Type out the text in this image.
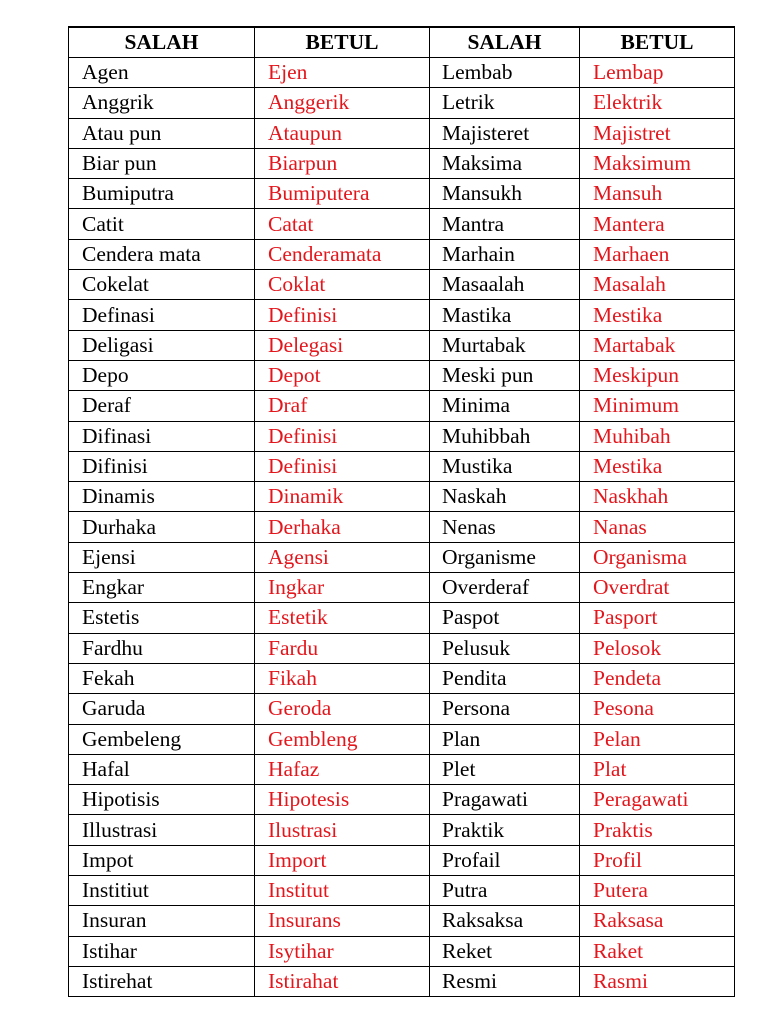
SALAH	BETUL	SALAH	BETUL
Agen	Ejen	Lembab	Lembap
Anggrik	Anggerik	Letrik	Elektrik
Atau pun	Ataupun	Majisteret	Majistret
Biar pun	Biarpun	Maksima	Maksimum
Bumiputra	Bumiputera	Mansukh	Mansuh
Catit	Catat	Mantra	Mantera
Cendera mata	Cenderamata	Marhain	Marhaen
Cokelat	Coklat	Masaalah	Masalah
Definasi	Definisi	Mastika	Mestika
Deligasi	Delegasi	Murtabak	Martabak
Depo	Depot	Meski pun	Meskipun
Deraf	Draf	Minima	Minimum
Difinasi	Definisi	Muhibbah	Muhibah
Difinisi	Definisi	Mustika	Mestika
Dinamis	Dinamik	Naskah	Naskhah
Durhaka	Derhaka	Nenas	Nanas
Ejensi	Agensi	Organisme	Organisma
Engkar	Ingkar	Overderaf	Overdrat
Estetis	Estetik	Paspot	Pasport
Fardhu	Fardu	Pelusuk	Pelosok
Fekah	Fikah	Pendita	Pendeta
Garuda	Geroda	Persona	Pesona
Gembeleng	Gembleng	Plan	Pelan
Hafal	Hafaz	Plet	Plat
Hipotisis	Hipotesis	Pragawati	Peragawati
Illustrasi	Ilustrasi	Praktik	Praktis
Impot	Import	Profail	Profil
Institiut	Institut	Putra	Putera
Insuran	Insurans	Raksaksa	Raksasa
Istihar	Isytihar	Reket	Raket
Istirehat	Istirahat	Resmi	Rasmi
